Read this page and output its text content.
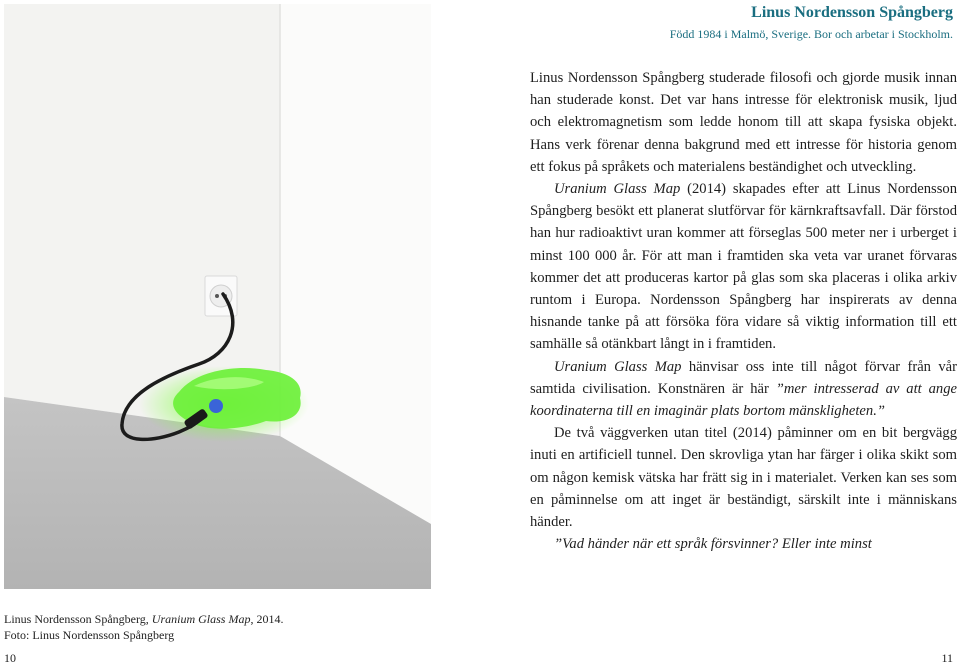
Linus Nordensson Spångberg, Uranium Glass Map, 2014.
Foto: Linus Nordensson Spångberg
10
Linus Nordensson Spångberg
Född 1984 i Malmö, Sverige. Bor och arbetar i Stockholm.

Linus Nordensson Spångberg studerade filosofi och gjorde musik innan han studerade konst. Det var hans intresse för elektronisk musik, ljud och elektromagnetism som ledde honom till att skapa fysiska objekt. Hans verk förenar denna bakgrund med ett intresse för historia genom ett fokus på språkets och materialens beständighet och utveckling.

Uranium Glass Map (2014) skapades efter att Linus Nordensson Spångberg besökt ett planerat slutförvar för kärnkraftsavfall. Där förstod han hur radioaktivt uran kommer att förseglas 500 meter ner i urberget i minst 100 000 år. För att man i framtiden ska veta var uranet förvaras kommer det att produceras kartor på glas som ska placeras i olika arkiv runtom i Europa. Nordensson Spångberg har inspirerats av denna hisnande tanke på att försöka föra vidare så viktig information till ett samhälle så otänkbart långt in i framtiden.

Uranium Glass Map hänvisar oss inte till något förvar från vår samtida civilisation. Konstnären är här ”mer intresserad av att ange koordinaterna till en imaginär plats bortom mänskligheten.”

De två väggverken utan titel (2014) påminner om en bit bergvägg inuti en artificiell tunnel. Den skrovliga ytan har färger i olika skikt som om någon kemisk vätska har frätt sig in i materialet. Verken kan ses som en påminnelse om att inget är beständigt, särskilt inte i människans händer.

”Vad händer när ett språk försvinner? Eller inte minst

11
